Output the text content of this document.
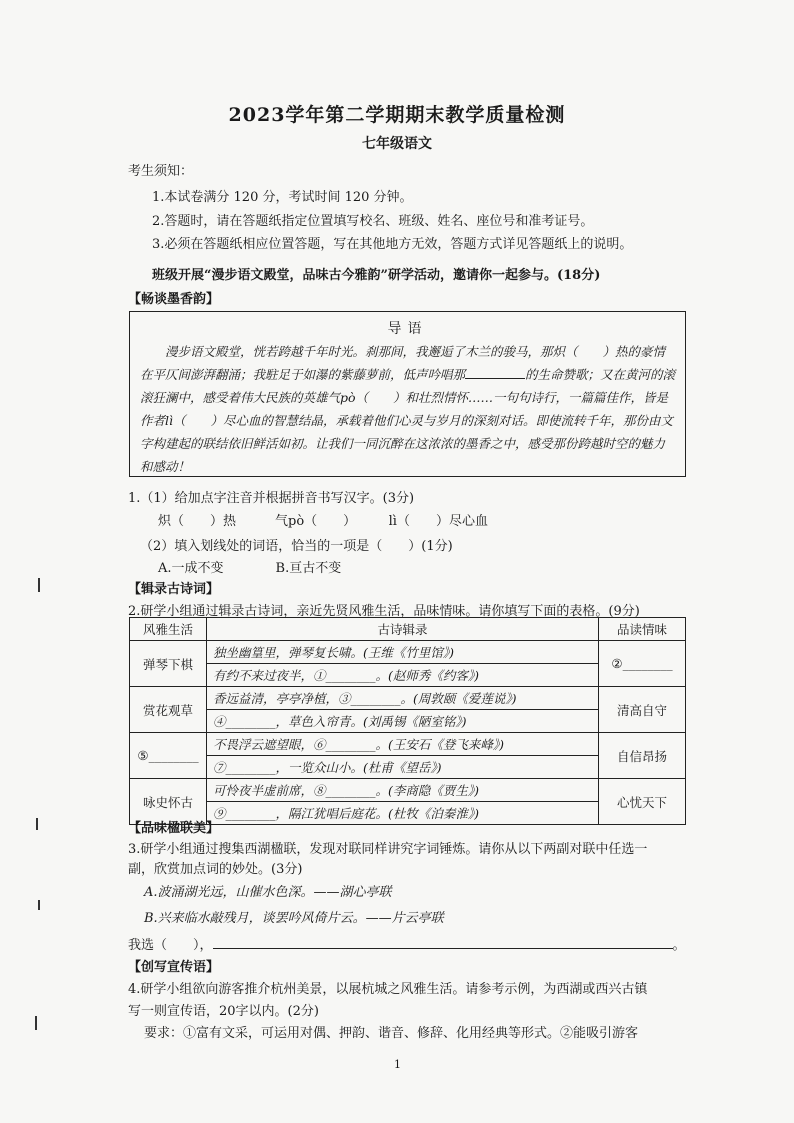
2023学年第二学期期末教学质量检测
七年级语文
考生须知：
1.本试卷满分 120 分，考试时间 120 分钟。
2.答题时，请在答题纸指定位置填写校名、班级、姓名、座位号和准考证号。
3.必须在答题纸相应位置答题，写在其他地方无效，答题方式详见答题纸上的说明。
班级开展“漫步语文殿堂，品味古今雅韵”研学活动，邀请你一起参与。(18分)
【畅谈墨香韵】
导语
漫步语文殿堂，恍若跨越千年时光。刹那间，我邂逅了木兰的骏马，那炽（　　）热的豪情在平仄间澎湃翻涌；我駐足于如瀑的紫藤萝前，低声吟唱那	的生命赞歌；又在黄河的滚滚狂澜中，感受着伟大民族的英雄气pò（　　）和壮烈情怀……一句句诗行，一篇篇佳作，皆是作者lì（　　）尽心血的智慧结晶，承载着他们心灵与岁月的深刻对话。即使流转千年，那份由文字构建起的联结依旧鲜活如初。让我们一同沉醉在这浓浓的墨香之中，感受那份跨越时空的魅力和感动！
1.（1）给加点字注音并根据拼音书写汉字。(3分)
炽（　　）热　　　气pò（　　）　　　lì（　　）尽心血
（2）填入划线处的词语，恰当的一项是（　　）(1分)
A.一成不变　　　　B.亘古不变
【辑录古诗词】
2.研学小组通过辑录古诗词，亲近先贤风雅生活，品味情味。请你填写下面的表格。(9分)
风雅生活	古诗辑录	品读情味
弹琴下棋	独坐幽篁里，弹琴复长啸。(王维《竹里馆》)	②________
	有约不来过夜半，①________。(赵师秀《约客》)	
赏花观草	香远益清，亭亭净植，③________。(周敦颐《爱莲说》)	清高自守
	④________，草色入帘青。(刘禹锡《陋室铭》)	
⑤________	不畏浮云遮望眼，⑥________。(王安石《登飞来峰》)	自信昂扬
	⑦________，一览众山小。(杜甫《望岳》)	
咏史怀古	可怜夜半虚前席，⑧________。(李商隐《贾生》)	心忧天下
	⑨________，隔江犹唱后庭花。(杜牧《泊秦淮》)	
【品味楹联美】
3.研学小组通过搜集西湖楹联，发现对联同样讲究字词锤炼。请你从以下两副对联中任选一
副，欣赏加点词的妙处。(3分)
A.波涌湖光远，山催水色深。——湖心亭联
B.兴来临水敲残月，谈罢吟风倚片云。——片云亭联
我选（　　），	。
【创写宣传语】
4.研学小组欲向游客推介杭州美景，以展杭城之风雅生活。请参考示例，为西湖或西兴古镇
写一则宣传语，20字以内。(2分)
要求：①富有文采，可运用对偶、押韵、谐音、修辞、化用经典等形式。②能吸引游客
1
